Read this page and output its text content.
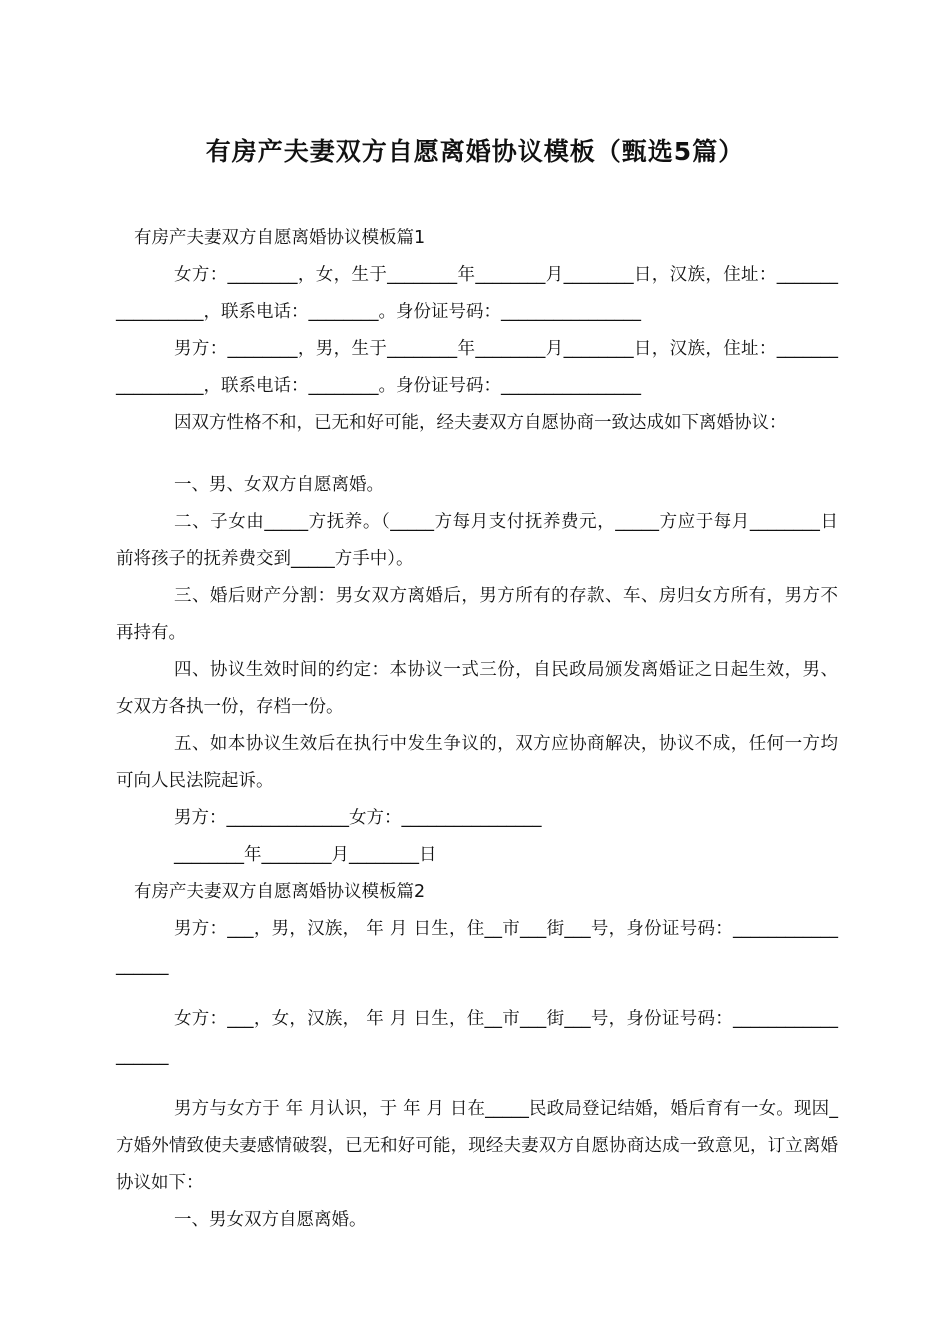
有房产夫妻双方自愿离婚协议模板（甄选5篇）

有房产夫妻双方自愿离婚协议模板篇1

女方：________，女，生于________年________月________日，汉族，住址：_________________，联系电话：________。身份证号码：________________

男方：________，男，生于________年________月________日，汉族，住址：_________________，联系电话：________。身份证号码：________________

因双方性格不和，已无和好可能，经夫妻双方自愿协商一致达成如下离婚协议：

一、男、女双方自愿离婚。

二、子女由_____方抚养。（_____方每月支付抚养费元，_____方应于每月________日前将孩子的抚养费交到_____方手中）。

三、婚后财产分割：男女双方离婚后，男方所有的存款、车、房归女方所有，男方不再持有。

四、协议生效时间的约定：本协议一式三份，自民政局颁发离婚证之日起生效，男、女双方各执一份，存档一份。

五、如本协议生效后在执行中发生争议的，双方应协商解决，协议不成，任何一方均可向人民法院起诉。

男方：______________女方：________________

________年________月________日

有房产夫妻双方自愿离婚协议模板篇2

男方：___，男，汉族， 年 月 日生，住__市___街___号，身份证号码：__________________

女方：___，女，汉族， 年 月 日生，住__市___街___号，身份证号码：__________________

男方与女方于 年 月认识，于 年 月 日在_____民政局登记结婚，婚后育有一女。现因_方婚外情致使夫妻感情破裂，已无和好可能，现经夫妻双方自愿协商达成一致意见，订立离婚协议如下：

一、男女双方自愿离婚。
